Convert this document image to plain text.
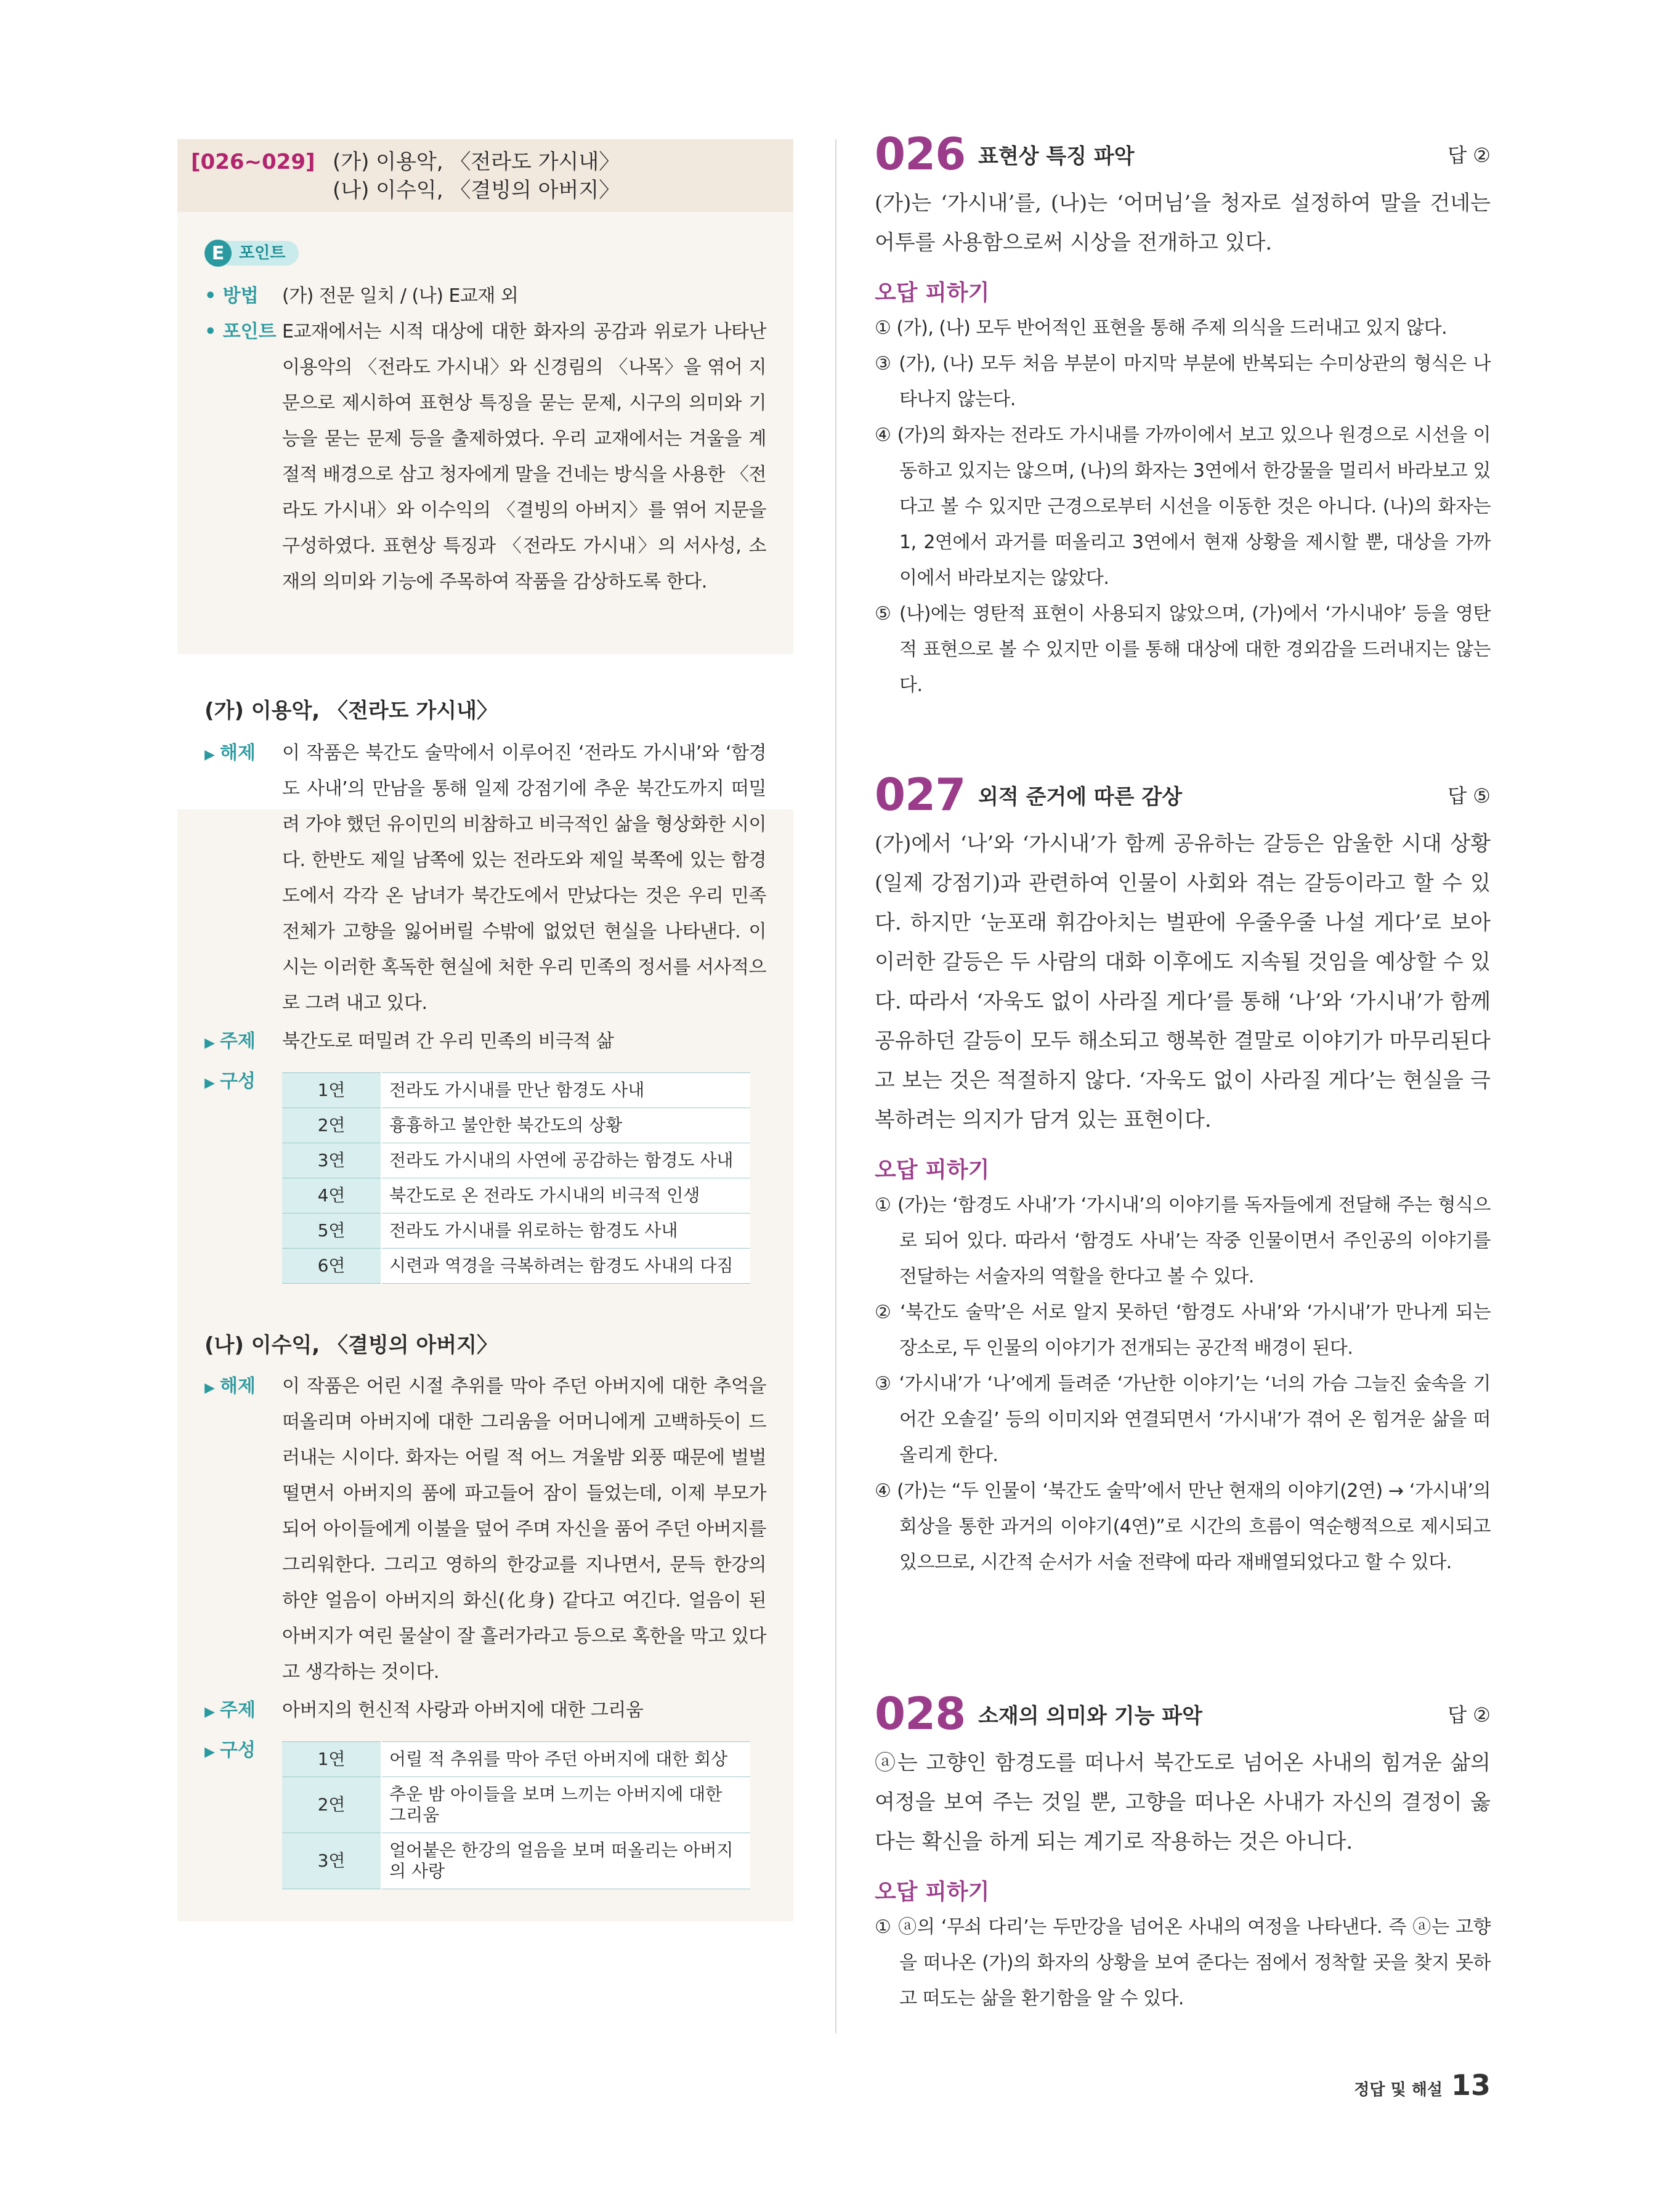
[026~029] (가) 이용악, 〈전라도 가시내〉
(나) 이수익, 〈결빙의 아버지〉
E 포인트
• 방법	(가) 전문 일치 / (나) E교재 외
• 포인트 E교재에서는 시적 대상에 대한 화자의 공감과 위로가 나타난 이용악의 〈전라도 가시내〉와 신경림의 〈나목〉을 엮어 지문으로 제시하여 표현상 특징을 묻는 문제, 시구의 의미와 기능을 묻는 문제 등을 출제하였다. 우리 교재에서는 겨울을 계절적 배경으로 삼고 청자에게 말을 건네는 방식을 사용한 〈전라도 가시내〉와 이수익의 〈결빙의 아버지〉를 엮어 지문을 구성하였다. 표현상 특징과 〈전라도 가시내〉의 서사성, 소재의 의미와 기능에 주목하여 작품을 감상하도록 한다.
(가) 이용악, 〈전라도 가시내〉
▶ 해제	이 작품은 북간도 술막에서 이루어진 ‘전라도 가시내’와 ‘함경도 사내’의 만남을 통해 일제 강점기에 추운 북간도까지 떠밀려 가야 했던 유이민의 비참하고 비극적인 삶을 형상화한 시이다. 한반도 제일 남쪽에 있는 전라도와 제일 북쪽에 있는 함경도에서 각각 온 남녀가 북간도에서 만났다는 것은 우리 민족 전체가 고향을 잃어버릴 수밖에 없었던 현실을 나타낸다. 이 시는 이러한 혹독한 현실에 처한 우리 민족의 정서를 서사적으로 그려 내고 있다.
▶ 주제	북간도로 떠밀려 간 우리 민족의 비극적 삶
▶ 구성	1연	전라도 가시내를 만난 함경도 사내
2연	흉흉하고 불안한 북간도의 상황
3연	전라도 가시내의 사연에 공감하는 함경도 사내
4연	북간도로 온 전라도 가시내의 비극적 인생
5연	전라도 가시내를 위로하는 함경도 사내
6연	시련과 역경을 극복하려는 함경도 사내의 다짐
(나) 이수익, 〈결빙의 아버지〉
▶ 해제	이 작품은 어린 시절 추위를 막아 주던 아버지에 대한 추억을 떠올리며 아버지에 대한 그리움을 어머니에게 고백하듯이 드러내는 시이다. 화자는 어릴 적 어느 겨울밤 외풍 때문에 벌벌 떨면서 아버지의 품에 파고들어 잠이 들었는데, 이제 부모가 되어 아이들에게 이불을 덮어 주며 자신을 품어 주던 아버지를 그리워한다. 그리고 영하의 한강교를 지나면서, 문득 한강의 하얀 얼음이 아버지의 화신(化身) 같다고 여긴다. 얼음이 된 아버지가 여린 물살이 잘 흘러가라고 등으로 혹한을 막고 있다고 생각하는 것이다.
▶ 주제	아버지의 헌신적 사랑과 아버지에 대한 그리움
▶ 구성	1연	어릴 적 추위를 막아 주던 아버지에 대한 회상
2연	추운 밤 아이들을 보며 느끼는 아버지에 대한 그리움
3연	얼어붙은 한강의 얼음을 보며 떠올리는 아버지의 사랑
026 표현상 특징 파악	답 ②
(가)는 ‘가시내’를, (나)는 ‘어머님’을 청자로 설정하여 말을 건네는 어투를 사용함으로써 시상을 전개하고 있다.
오답 피하기
① (가), (나) 모두 반어적인 표현을 통해 주제 의식을 드러내고 있지 않다.
③ (가), (나) 모두 처음 부분이 마지막 부분에 반복되는 수미상관의 형식은 나타나지 않는다.
④ (가)의 화자는 전라도 가시내를 가까이에서 보고 있으나 원경으로 시선을 이동하고 있지는 않으며, (나)의 화자는 3연에서 한강물을 멀리서 바라보고 있다고 볼 수 있지만 근경으로부터 시선을 이동한 것은 아니다. (나)의 화자는 1, 2연에서 과거를 떠올리고 3연에서 현재 상황을 제시할 뿐, 대상을 가까이에서 바라보지는 않았다.
⑤ (나)에는 영탄적 표현이 사용되지 않았으며, (가)에서 ‘가시내야’ 등을 영탄적 표현으로 볼 수 있지만 이를 통해 대상에 대한 경외감을 드러내지는 않는다.
027 외적 준거에 따른 감상	답 ⑤
(가)에서 ‘나’와 ‘가시내’가 함께 공유하는 갈등은 암울한 시대 상황(일제 강점기)과 관련하여 인물이 사회와 겪는 갈등이라고 할 수 있다. 하지만 ‘눈포래 휘감아치는 벌판에 우줄우줄 나설 게다’로 보아 이러한 갈등은 두 사람의 대화 이후에도 지속될 것임을 예상할 수 있다. 따라서 ‘자욱도 없이 사라질 게다’를 통해 ‘나’와 ‘가시내’가 함께 공유하던 갈등이 모두 해소되고 행복한 결말로 이야기가 마무리된다고 보는 것은 적절하지 않다. ‘자욱도 없이 사라질 게다’는 현실을 극복하려는 의지가 담겨 있는 표현이다.
오답 피하기
① (가)는 ‘함경도 사내’가 ‘가시내’의 이야기를 독자들에게 전달해 주는 형식으로 되어 있다. 따라서 ‘함경도 사내’는 작중 인물이면서 주인공의 이야기를 전달하는 서술자의 역할을 한다고 볼 수 있다.
② ‘북간도 술막’은 서로 알지 못하던 ‘함경도 사내’와 ‘가시내’가 만나게 되는 장소로, 두 인물의 이야기가 전개되는 공간적 배경이 된다.
③ ‘가시내’가 ‘나’에게 들려준 ‘가난한 이야기’는 ‘너의 가슴 그늘진 숲속을 기어간 오솔길’ 등의 이미지와 연결되면서 ‘가시내’가 겪어 온 힘겨운 삶을 떠올리게 한다.
④ (가)는 “두 인물이 ‘북간도 술막’에서 만난 현재의 이야기(2연) → ‘가시내’의 회상을 통한 과거의 이야기(4연)”로 시간의 흐름이 역순행적으로 제시되고 있으므로, 시간적 순서가 서술 전략에 따라 재배열되었다고 할 수 있다.
028 소재의 의미와 기능 파악	답 ②
ⓐ는 고향인 함경도를 떠나서 북간도로 넘어온 사내의 힘겨운 삶의 여정을 보여 주는 것일 뿐, 고향을 떠나온 사내가 자신의 결정이 옳다는 확신을 하게 되는 계기로 작용하는 것은 아니다.
오답 피하기
① ⓐ의 ‘무쇠 다리’는 두만강을 넘어온 사내의 여정을 나타낸다. 즉 ⓐ는 고향을 떠나온 (가)의 화자의 상황을 보여 준다는 점에서 정착할 곳을 찾지 못하고 떠도는 삶을 환기함을 알 수 있다.
정답 및 해설 13
